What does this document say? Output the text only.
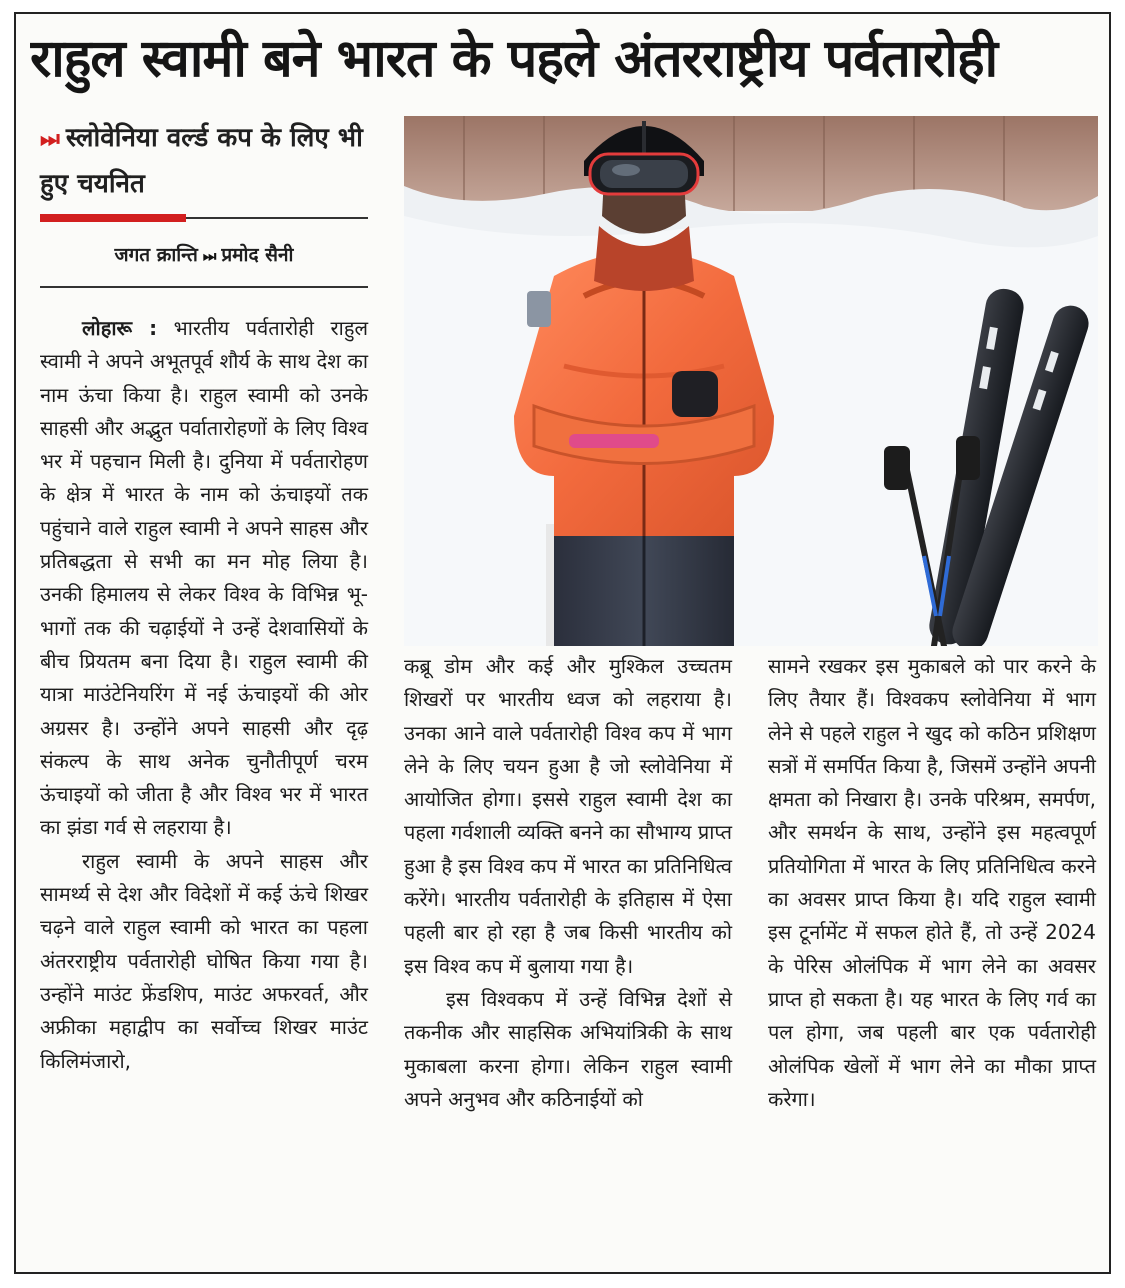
राहुल स्वामी बने भारत के पहले अंतरराष्ट्रीय पर्वतारोही
⏭ स्लोवेनिया वर्ल्ड कप के लिए भी हुए चयनित
जगत क्रान्ति ⏭ प्रमोद सैनी

लोहारू : भारतीय पर्वतारोही राहुल स्वामी ने अपने अभूतपूर्व शौर्य के साथ देश का नाम ऊंचा किया है। राहुल स्वामी को उनके साहसी और अद्भुत पर्वातारोहणों के लिए विश्व भर में पहचान मिली है। दुनिया में पर्वतारोहण के क्षेत्र में भारत के नाम को ऊंचाइयों तक पहुंचाने वाले राहुल स्वामी ने अपने साहस और प्रतिबद्धता से सभी का मन मोह लिया है। उनकी हिमालय से लेकर विश्व के विभिन्न भू-भागों तक की चढ़ाईयों ने उन्हें देशवासियों के बीच प्रियतम बना दिया है। राहुल स्वामी की यात्रा माउंटेनियरिंग में नई ऊंचाइयों की ओर अग्रसर है। उन्होंने अपने साहसी और दृढ़ संकल्प के साथ अनेक चुनौतीपूर्ण चरम ऊंचाइयों को जीता है और विश्व भर में भारत का झंडा गर्व से लहराया है।

राहुल स्वामी के अपने साहस और सामर्थ्य से देश और विदेशों में कई ऊंचे शिखर चढ़ने वाले राहुल स्वामी को भारत का पहला अंतरराष्ट्रीय पर्वतारोही घोषित किया गया है। उन्होंने माउंट फ्रेंडशिप, माउंट अफरवर्त, और अफ्रीका महाद्वीप का सर्वोच्च शिखर माउंट किलिमंजारो,

कब्रू डोम और कई और मुश्किल उच्चतम शिखरों पर भारतीय ध्वज को लहराया है। उनका आने वाले पर्वतारोही विश्व कप में भाग लेने के लिए चयन हुआ है जो स्लोवेनिया में आयोजित होगा। इससे राहुल स्वामी देश का पहला गर्वशाली व्यक्ति बनने का सौभाग्य प्राप्त हुआ है इस विश्व कप में भारत का प्रतिनिधित्व करेंगे। भारतीय पर्वतारोही के इतिहास में ऐसा पहली बार हो रहा है जब किसी भारतीय को इस विश्व कप में बुलाया गया है।

इस विश्वकप में उन्हें विभिन्न देशों से तकनीक और साहसिक अभियांत्रिकी के साथ मुकाबला करना होगा। लेकिन राहुल स्वामी अपने अनुभव और कठिनाईयों को

सामने रखकर इस मुकाबले को पार करने के लिए तैयार हैं। विश्वकप स्लोवेनिया में भाग लेने से पहले राहुल ने खुद को कठिन प्रशिक्षण सत्रों में समर्पित किया है, जिसमें उन्होंने अपनी क्षमता को निखारा है। उनके परिश्रम, समर्पण, और समर्थन के साथ, उन्होंने इस महत्वपूर्ण प्रतियोगिता में भारत के लिए प्रतिनिधित्व करने का अवसर प्राप्त किया है। यदि राहुल स्वामी इस टूर्नामेंट में सफल होते हैं, तो उन्हें 2024 के पेरिस ओलंपिक में भाग लेने का अवसर प्राप्त हो सकता है। यह भारत के लिए गर्व का पल होगा, जब पहली बार एक पर्वतारोही ओलंपिक खेलों में भाग लेने का मौका प्राप्त करेगा।
